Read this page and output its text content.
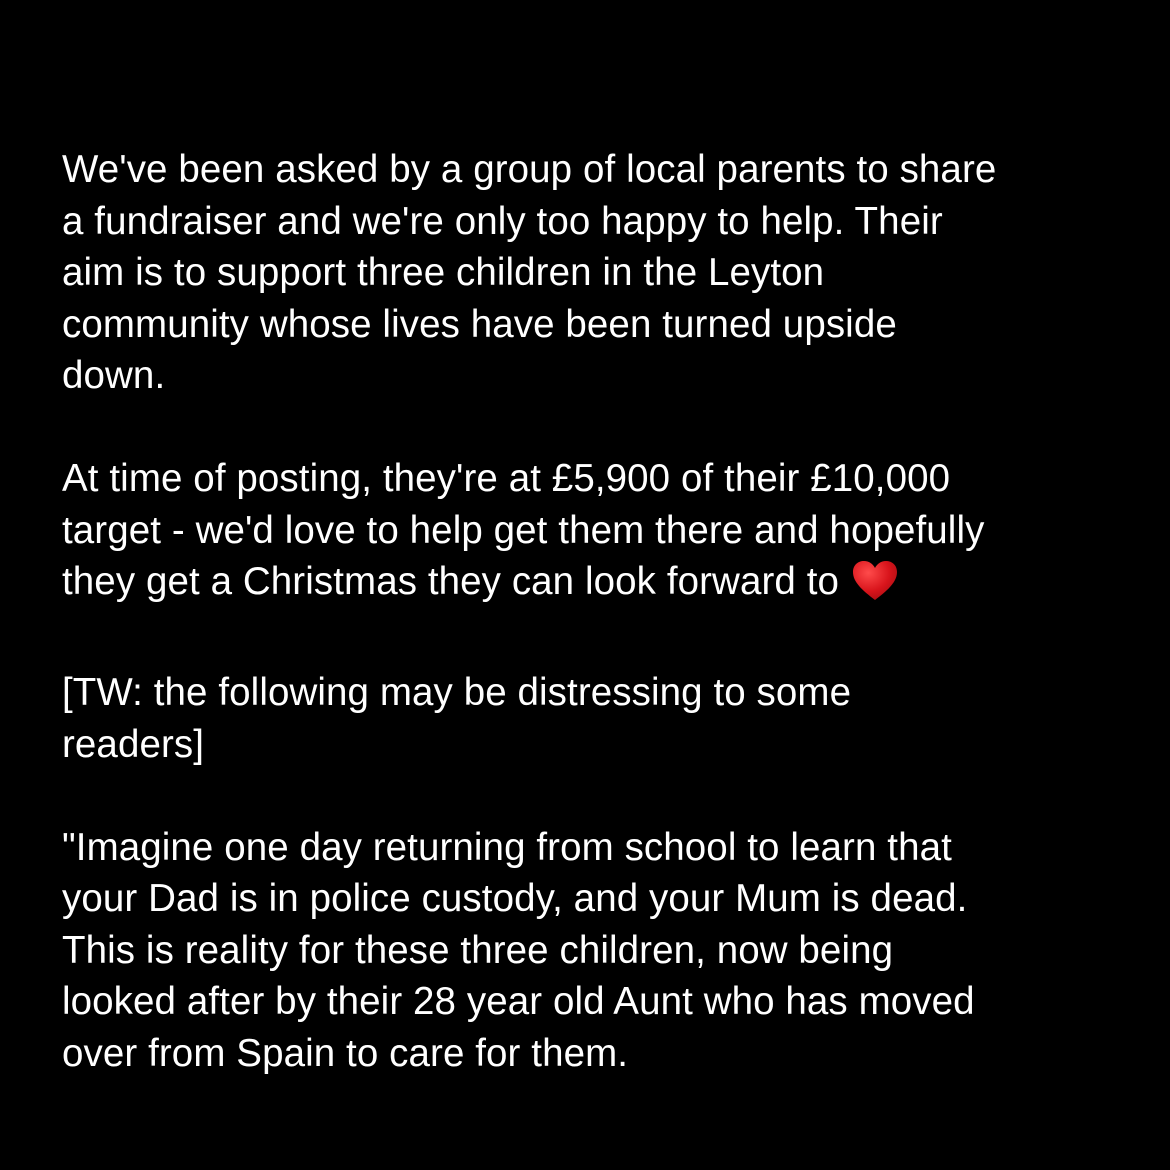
We've been asked by a group of local parents to share
a fundraiser and we're only too happy to help. Their
aim is to support three children in the Leyton
community whose lives have been turned upside
down.

At time of posting, they're at £5,900 of their £10,000
target - we'd love to help get them there and hopefully
they get a Christmas they can look forward to

[TW: the following may be distressing to some
readers]

"Imagine one day returning from school to learn that
your Dad is in police custody, and your Mum is dead.
This is reality for these three children, now being
looked after by their 28 year old Aunt who has moved
over from Spain to care for them.
